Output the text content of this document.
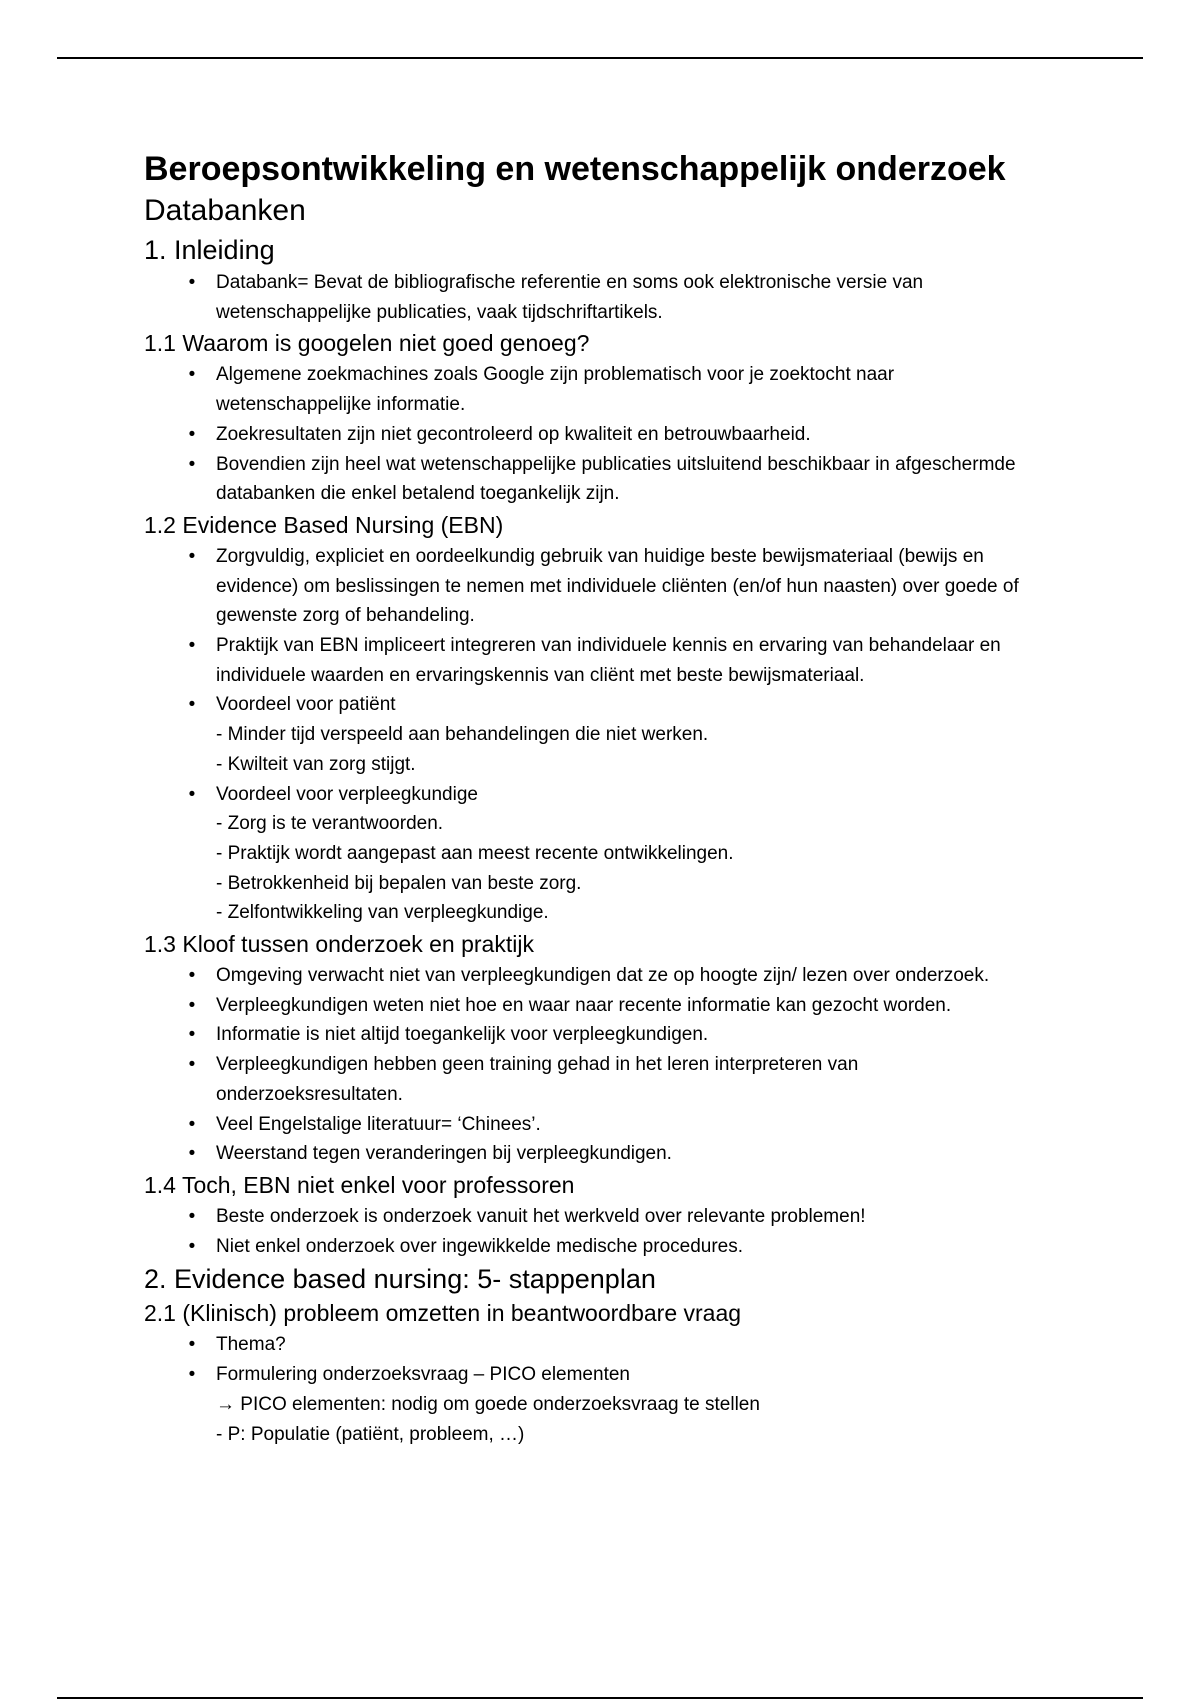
Beroepsontwikkeling en wetenschappelijk onderzoek
Databanken
1. Inleiding
•	Databank= Bevat de bibliografische referentie en soms ook elektronische versie van wetenschappelijke publicaties, vaak tijdschriftartikels.
1.1 Waarom is googelen niet goed genoeg?
•	Algemene zoekmachines zoals Google zijn problematisch voor je zoektocht naar wetenschappelijke informatie.
•	Zoekresultaten zijn niet gecontroleerd op kwaliteit en betrouwbaarheid.
•	Bovendien zijn heel wat wetenschappelijke publicaties uitsluitend beschikbaar in afgeschermde databanken die enkel betalend toegankelijk zijn.
1.2 Evidence Based Nursing (EBN)
•	Zorgvuldig, expliciet en oordeelkundig gebruik van huidige beste bewijsmateriaal (bewijs en evidence) om beslissingen te nemen met individuele cliënten (en/of hun naasten) over goede of gewenste zorg of behandeling.
•	Praktijk van EBN impliceert integreren van individuele kennis en ervaring van behandelaar en individuele waarden en ervaringskennis van cliënt met beste bewijsmateriaal.
•	Voordeel voor patiënt
- Minder tijd verspeeld aan behandelingen die niet werken.
- Kwilteit van zorg stijgt.
•	Voordeel voor verpleegkundige
- Zorg is te verantwoorden.
- Praktijk wordt aangepast aan meest recente ontwikkelingen.
- Betrokkenheid bij bepalen van beste zorg.
- Zelfontwikkeling van verpleegkundige.
1.3 Kloof tussen onderzoek en praktijk
•	Omgeving verwacht niet van verpleegkundigen dat ze op hoogte zijn/ lezen over onderzoek.
•	Verpleegkundigen weten niet hoe en waar naar recente informatie kan gezocht worden.
•	Informatie is niet altijd toegankelijk voor verpleegkundigen.
•	Verpleegkundigen hebben geen training gehad in het leren interpreteren van onderzoeksresultaten.
•	Veel Engelstalige literatuur= ‘Chinees’.
•	Weerstand tegen veranderingen bij verpleegkundigen.
1.4 Toch, EBN niet enkel voor professoren
•	Beste onderzoek is onderzoek vanuit het werkveld over relevante problemen!
•	Niet enkel onderzoek over ingewikkelde medische procedures.
2. Evidence based nursing: 5- stappenplan
2.1 (Klinisch) probleem omzetten in beantwoordbare vraag
•	Thema?
•	Formulering onderzoeksvraag – PICO elementen
→ PICO elementen: nodig om goede onderzoeksvraag te stellen
- P: Populatie (patiënt, probleem, …)
